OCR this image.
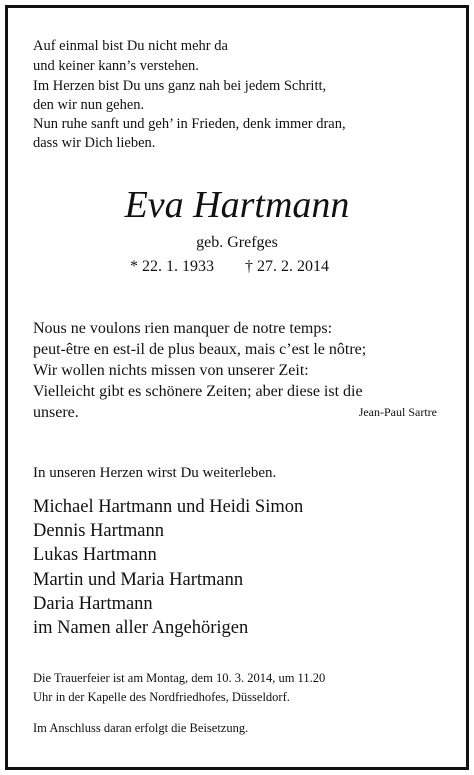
Auf einmal bist Du nicht mehr da
und keiner kann’s verstehen.
Im Herzen bist Du uns ganz nah bei jedem Schritt,
den wir nun gehen.
Nun ruhe sanft und geh’ in Frieden, denk immer dran,
dass wir Dich lieben.
Eva Hartmann
geb. Grefges
* 22. 1. 1933 † 27. 2. 2014
Nous ne voulons rien manquer de notre temps:
peut-être en est-il de plus beaux, mais c’est le nôtre;
Wir wollen nichts missen von unserer Zeit:
Vielleicht gibt es schönere Zeiten; aber diese ist die
unsere.	Jean-Paul Sartre
In unseren Herzen wirst Du weiterleben.
Michael Hartmann und Heidi Simon
Dennis Hartmann
Lukas Hartmann
Martin und Maria Hartmann
Daria Hartmann
im Namen aller Angehörigen
Die Trauerfeier ist am Montag, dem 10. 3. 2014, um 11.20
Uhr in der Kapelle des Nordfriedhofes, Düsseldorf.
Im Anschluss daran erfolgt die Beisetzung.
